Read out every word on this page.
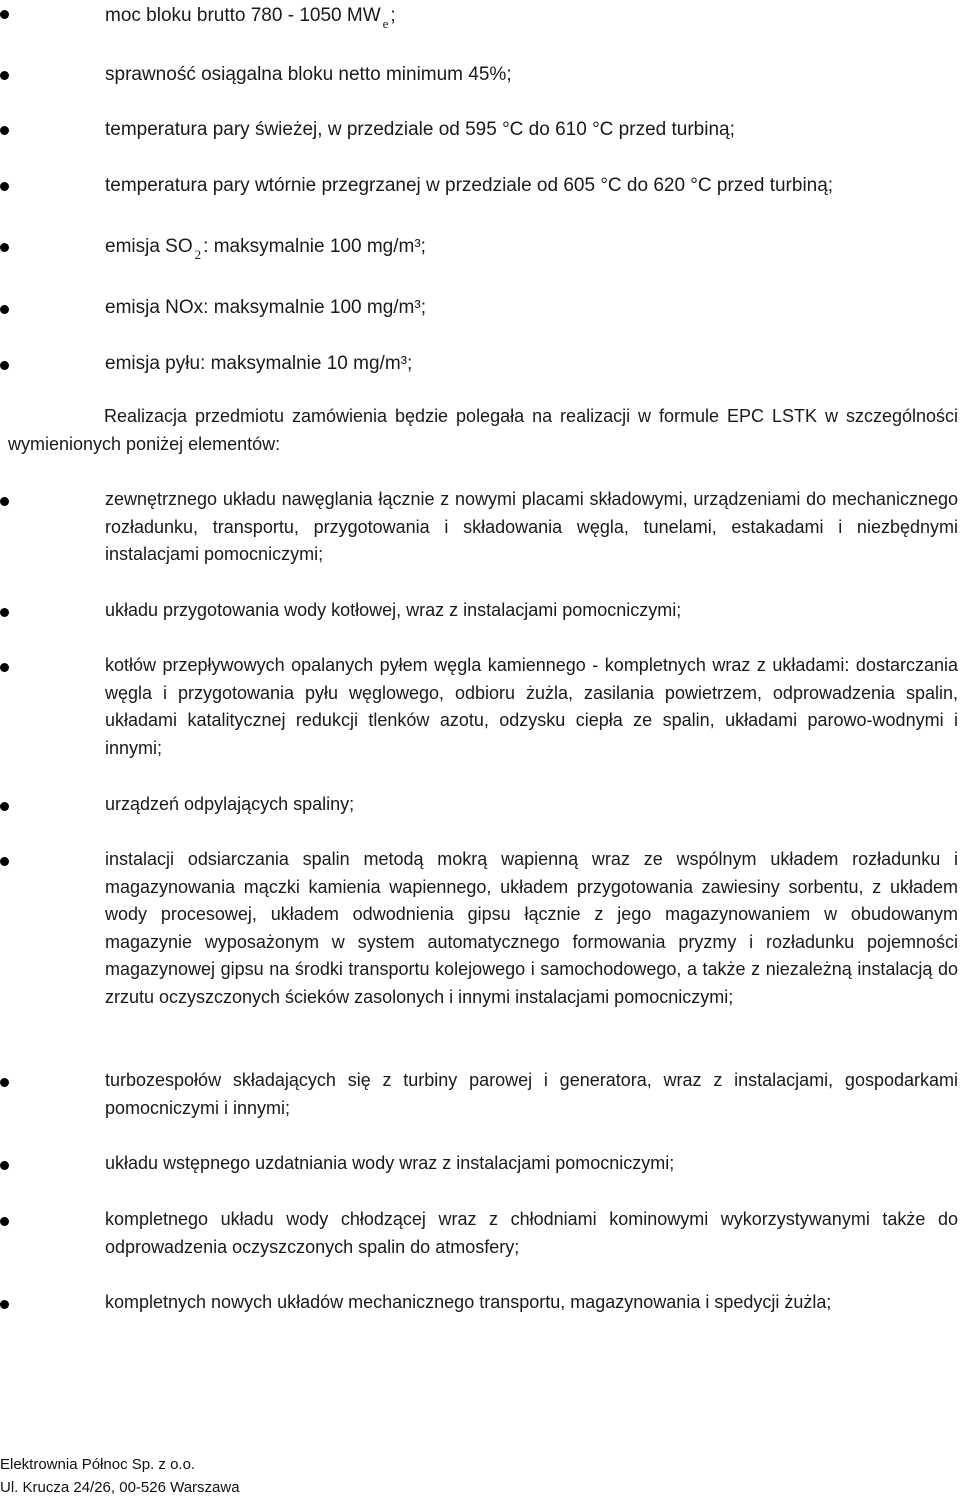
moc bloku brutto 780 - 1050 MW $_e$ ;
sprawność osiągalna bloku netto minimum 45%;
temperatura pary świeżej, w przedziale od 595 °C do 610 °C przed turbiną;
temperatura pary wtórnie przegrzanej w przedziale od 605 °C do 620 °C przed turbiną;
emisja SO $_2$ : maksymalnie 100 mg/m³;
emisja NOx: maksymalnie 100 mg/m³;
emisja pyłu: maksymalnie 10 mg/m³;
Realizacja przedmiotu zamówienia będzie polegała na realizacji w formule EPC LSTK w szczególności wymienionych poniżej elementów:
zewnętrznego układu nawęglania łącznie z nowymi placami składowymi, urządzeniami do mechanicznego rozładunku, transportu, przygotowania i składowania węgla, tunelami, estakadami i niezbędnymi instalacjami pomocniczymi;
układu przygotowania wody kotłowej, wraz z instalacjami pomocniczymi;
kotłów przepływowych opalanych pyłem węgla kamiennego - kompletnych wraz z układami: dostarczania węgla i przygotowania pyłu węglowego, odbioru żużla, zasilania powietrzem, odprowadzenia spalin, układami katalitycznej redukcji tlenków azotu, odzysku ciepła ze spalin, układami parowo-wodnymi i innymi;
urządzeń odpylających spaliny;
instalacji odsiarczania spalin metodą mokrą wapienną wraz ze wspólnym układem rozładunku i magazynowania mączki kamienia wapiennego, układem przygotowania zawiesiny sorbentu, z układem wody procesowej, układem odwodnienia gipsu łącznie z jego magazynowaniem w obudowanym magazynie wyposażonym w system automatycznego formowania pryzmy i rozładunku pojemności magazynowej gipsu na środki transportu kolejowego i samochodowego, a także z niezależną instalacją do zrzutu oczyszczonych ścieków zasolonych i innymi instalacjami pomocniczymi;
turbozespołów składających się z turbiny parowej i generatora, wraz z instalacjami, gospodarkami pomocniczymi i innymi;
układu wstępnego uzdatniania wody wraz z instalacjami pomocniczymi;
kompletnego układu wody chłodzącej wraz z chłodniami kominowymi wykorzystywanymi także do odprowadzenia oczyszczonych spalin do atmosfery;
kompletnych nowych układów mechanicznego transportu, magazynowania i spedycji żużla;
Elektrownia Północ Sp. z o.o.
Ul. Krucza 24/26, 00-526 Warszawa
